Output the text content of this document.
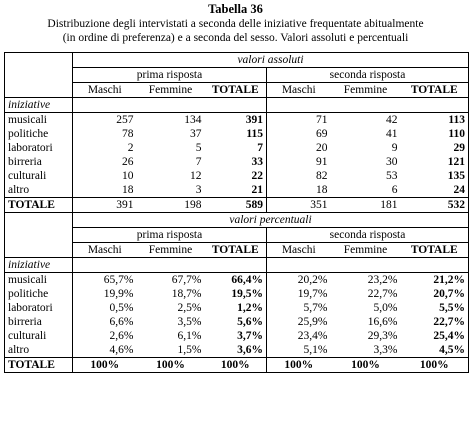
Tabella 36
Distribuzione degli intervistati a seconda delle iniziative frequentate abitualmente
(in ordine di preferenza) e a seconda del sesso. Valori assoluti e percentuali
	valori assoluti					
	prima risposta			seconda risposta		
	Maschi	Femmine	TOTALE	Maschi	Femmine	TOTALE
iniziative						
musicali	257	134	391	71	42	113
politiche	78	37	115	69	41	110
laboratori	2	5	7	20	9	29
birreria	26	7	33	91	30	121
culturali	10	12	22	82	53	135
altro	18	3	21	18	6	24
TOTALE	391	198	589	351	181	532
	valori percentuali					
	prima risposta			seconda risposta		
	Maschi	Femmine	TOTALE	Maschi	Femmine	TOTALE
iniziative						
musicali	65,7%	67,7%	66,4%	20,2%	23,2%	21,2%
politiche	19,9%	18,7%	19,5%	19,7%	22,7%	20,7%
laboratori	0,5%	2,5%	1,2%	5,7%	5,0%	5,5%
birreria	6,6%	3,5%	5,6%	25,9%	16,6%	22,7%
culturali	2,6%	6,1%	3,7%	23,4%	29,3%	25,4%
altro	4,6%	1,5%	3,6%	5,1%	3,3%	4,5%
TOTALE	100%	100%	100%	100%	100%	100%
